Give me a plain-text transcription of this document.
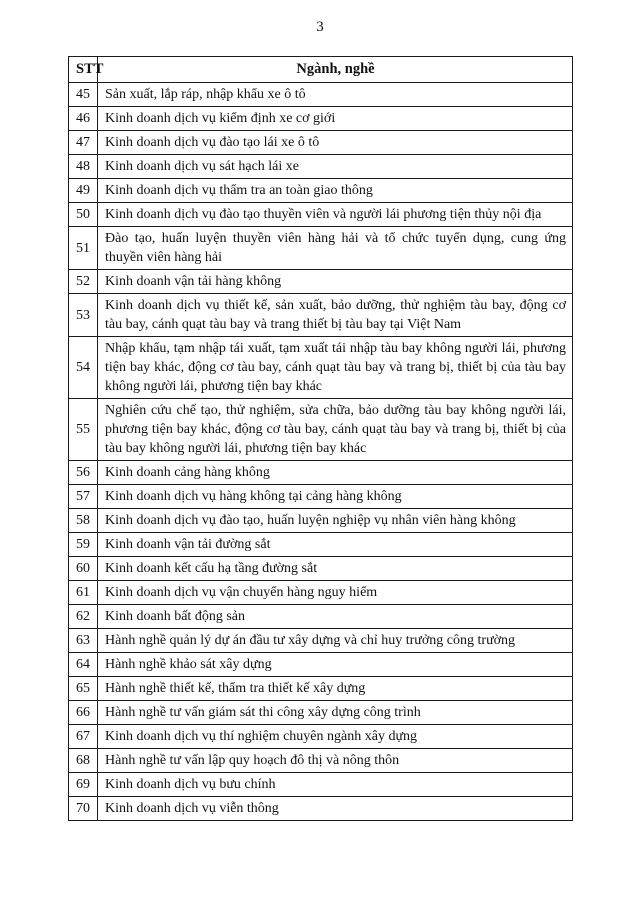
3
STT	Ngành, nghề
45	Sản xuất, lắp ráp, nhập khẩu xe ô tô
46	Kinh doanh dịch vụ kiểm định xe cơ giới
47	Kinh doanh dịch vụ đào tạo lái xe ô tô
48	Kinh doanh dịch vụ sát hạch lái xe
49	Kinh doanh dịch vụ thẩm tra an toàn giao thông
50	Kinh doanh dịch vụ đào tạo thuyền viên và người lái phương tiện thủy nội địa
51	Đào tạo, huấn luyện thuyền viên hàng hải và tổ chức tuyển dụng, cung ứng thuyền viên hàng hải
52	Kinh doanh vận tải hàng không
53	Kinh doanh dịch vụ thiết kế, sản xuất, bảo dưỡng, thử nghiệm tàu bay, động cơ tàu bay, cánh quạt tàu bay và trang thiết bị tàu bay tại Việt Nam
54	Nhập khẩu, tạm nhập tái xuất, tạm xuất tái nhập tàu bay không người lái, phương tiện bay khác, động cơ tàu bay, cánh quạt tàu bay và trang bị, thiết bị của tàu bay không người lái, phương tiện bay khác
55	Nghiên cứu chế tạo, thử nghiệm, sửa chữa, bảo dưỡng tàu bay không người lái, phương tiện bay khác, động cơ tàu bay, cánh quạt tàu bay và trang bị, thiết bị của tàu bay không người lái, phương tiện bay khác
56	Kinh doanh cảng hàng không
57	Kinh doanh dịch vụ hàng không tại cảng hàng không
58	Kinh doanh dịch vụ đào tạo, huấn luyện nghiệp vụ nhân viên hàng không
59	Kinh doanh vận tải đường sắt
60	Kinh doanh kết cấu hạ tầng đường sắt
61	Kinh doanh dịch vụ vận chuyển hàng nguy hiểm
62	Kinh doanh bất động sản
63	Hành nghề quản lý dự án đầu tư xây dựng và chỉ huy trưởng công trường
64	Hành nghề khảo sát xây dựng
65	Hành nghề thiết kế, thẩm tra thiết kế xây dựng
66	Hành nghề tư vấn giám sát thi công xây dựng công trình
67	Kinh doanh dịch vụ thí nghiệm chuyên ngành xây dựng
68	Hành nghề tư vấn lập quy hoạch đô thị và nông thôn
69	Kinh doanh dịch vụ bưu chính
70	Kinh doanh dịch vụ viễn thông
